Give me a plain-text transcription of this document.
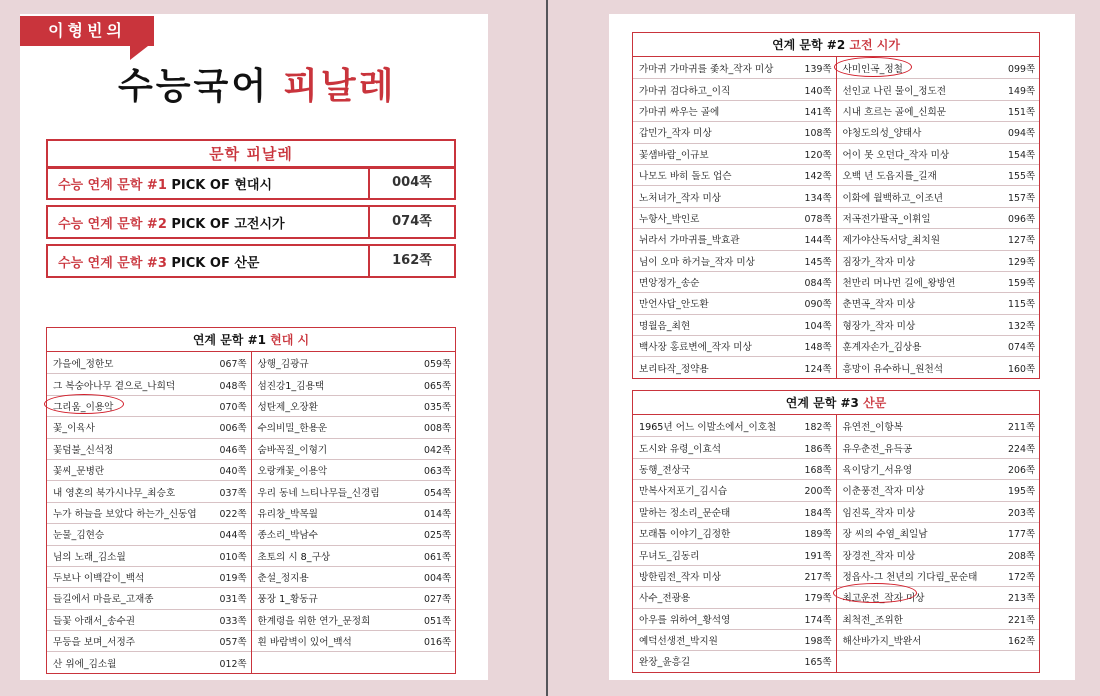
이형빈의
수능국어 피날레
문학 피날레
수능 연계 문학 #1 PICK OF 현대시	004쪽
수능 연계 문학 #2 PICK OF 고전시가	074쪽
수능 연계 문학 #3 PICK OF 산문	162쪽
연계 문학 #1 현대 시
가을에_정한모	067쪽
그 복숭아나무 곁으로_나희덕	048쪽
그리움_이용악	070쪽
꽃_이육사	006쪽
꽃덤불_신석정	046쪽
꽃씨_문병란	040쪽
내 영혼의 북가시나무_최승호	037쪽
누가 하늘을 보았다 하는가_신동엽 022쪽
눈물_김현승	044쪽
님의 노래_김소월	010쪽
두보나 이백같이_백석	019쪽
들길에서 마을로_고재종	031쪽
들꽃 아래서_송수권	033쪽
무등을 보며_서정주	057쪽
산 위에_김소월	012쪽
상행_김광규	059쪽
섬진강1_김용택	065쪽
성탄제_오장환	035쪽
수의비밀_한용운	008쪽
숨바꼭질_이형기	042쪽
오랑캐꽃_이용악	063쪽
우리 동네 느티나무들_신경림	054쪽
유리창_박목월	014쪽
종소리_박남수	025쪽
초토의 시 8_구상	061쪽
춘설_정지용	004쪽
풍장 1_황동규	027쪽
한계령을 위한 연가_문정희	051쪽
흰 바람벽이 있어_백석	016쪽
연계 문학 #2 고전 시가
가마귀 가마귀를 좇차_작자 미상	139쪽
가마귀 검다하고_이직	140쪽
가마귀 싸우는 골에	141쪽
갑민가_작자 미상	108쪽
꽃샘바람_이규보	120쪽
나모도 바히 돌도 업슨	142쪽
노처녀가_작자 미상	134쪽
누항사_박인로	078쪽
뉘라서 가마귀를_박효관	144쪽
님이 오마 하거늘_작자 미상	145쪽
면앙정가_송순	084쪽
만언사답_안도환	090쪽
명월음_최현	104쪽
백사장 홍료변에_작자 미상	148쪽
보리타작_정약용	124쪽
사미인곡_정철	099쪽
선인교 나린 물이_정도전	149쪽
시내 흐르는 골에_신희문	151쪽
야청도의성_양태사	094쪽
어이 못 오던다_작자 미상	154쪽
오백 년 도읍지를_길재	155쪽
이화에 월백하고_이조년	157쪽
저곡전가팔곡_이휘일	096쪽
제가야산독서당_최치원	127쪽
짐장가_작자 미상	129쪽
천만리 머나먼 길에_왕방연	159쪽
춘면곡_작자 미상	115쪽
형장가_작자 미상	132쪽
훈계자손가_김상용	074쪽
흥망이 유수하니_원천석	160쪽
연계 문학 #3 산문
1965년 어느 이발소에서_이호철	182쪽
도시와 유령_이효석	186쪽
동행_전상국	168쪽
만복사저포기_김시습	200쪽
말하는 정소리_문순태	184쪽
모래톱 이야기_김정한	189쪽
무녀도_김동리	191쪽
방한림전_작자 미상	217쪽
사수_전광용	179쪽
아우를 위하여_황석영	174쪽
예덕선생전_박지원	198쪽
완장_윤흥길	165쪽
유연전_이항복	211쪽
유우춘전_유득공	224쪽
육이당기_서유영	206쪽
이춘풍전_작자 미상	195쪽
임진록_작자 미상	203쪽
장 씨의 수염_최일남	177쪽
장경전_작자 미상	208쪽
정읍사-그 천년의 기다림_문순태	172쪽
최고운전_작자 미상	213쪽
최척전_조위한	221쪽
해산바가지_박완서	162쪽
